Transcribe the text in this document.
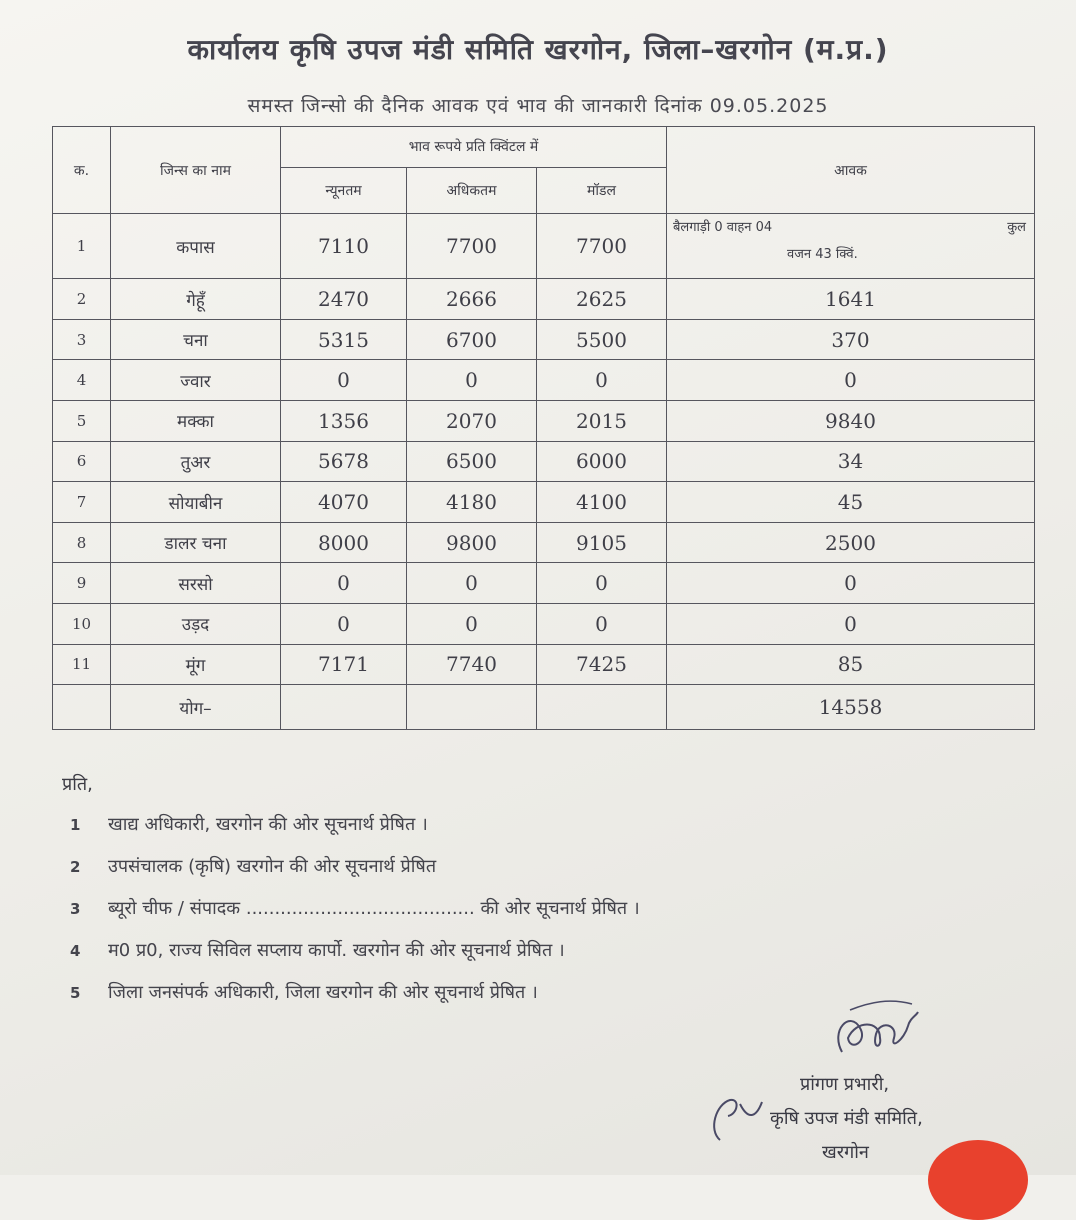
कार्यालय कृषि उपज मंडी समिति खरगोन, जिला–खरगोन (म.प्र.)
समस्त जिन्सो की दैनिक आवक एवं भाव की जानकारी दिनांक 09.05.2025
क.	जिन्स का नाम	भाव रूपये प्रति क्विंटल में			आवक
		न्यूनतम	अधिकतम	मॉडल	
1	कपास	7110	7700	7700	बैलगाड़ी 0 वाहन 04 कुल
वजन 43 क्विं.

2	गेहूँ	2470	2666	2625	1641
3	चना	5315	6700	5500	370
4	ज्वार	0	0	0	0
5	मक्का	1356	2070	2015	9840
6	तुअर	5678	6500	6000	34
7	सोयाबीन	4070	4180	4100	45
8	डालर चना	8000	9800	9105	2500
9	सरसो	0	0	0	0
10	उड़द	0	0	0	0
11	मूंग	7171	7740	7425	85
	योग–				14558
प्रति,
1 खाद्य अधिकारी, खरगोन की ओर सूचनार्थ प्रेषित ।
2 उपसंचालक (कृषि) खरगोन की ओर सूचनार्थ प्रेषित
3 ब्यूरो चीफ / संपादक ........................................ की ओर सूचनार्थ प्रेषित ।
4 म0 प्र0, राज्य सिविल सप्लाय कार्पो. खरगोन की ओर सूचनार्थ प्रेषित ।
5 जिला जनसंपर्क अधिकारी, जिला खरगोन की ओर सूचनार्थ प्रेषित ।
प्रांगण प्रभारी,
कृषि उपज मंडी समिति,
खरगोन
